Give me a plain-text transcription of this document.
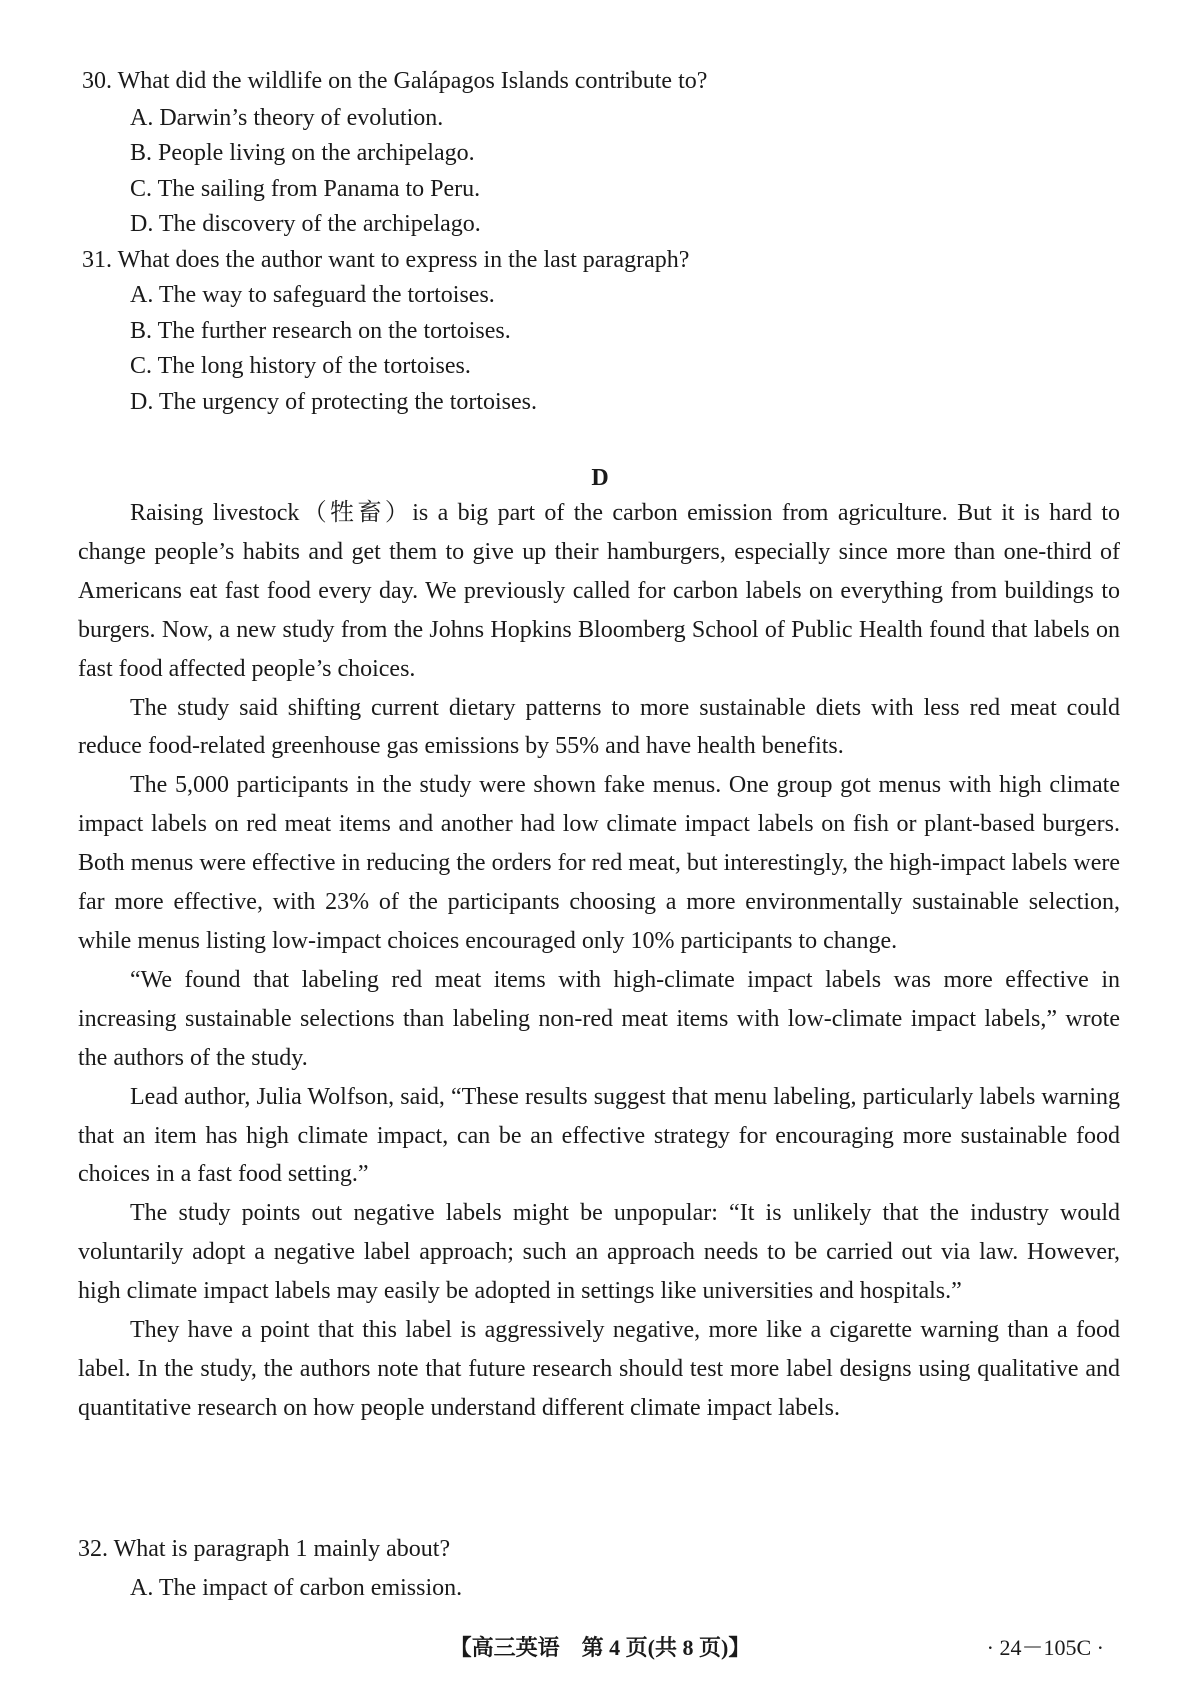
30. What did the wildlife on the Galápagos Islands contribute to?
A. Darwin’s theory of evolution.
B. People living on the archipelago.
C. The sailing from Panama to Peru.
D. The discovery of the archipelago.
31. What does the author want to express in the last paragraph?
A. The way to safeguard the tortoises.
B. The further research on the tortoises.
C. The long history of the tortoises.
D. The urgency of protecting the tortoises.
D

Raising livestock（牲畜）is a big part of the carbon emission from agriculture. But it is hard to change people’s habits and get them to give up their hamburgers, especially since more than one-third of Americans eat fast food every day. We previously called for carbon labels on everything from buildings to burgers. Now, a new study from the Johns Hopkins Bloomberg School of Public Health found that labels on fast food affected people’s choices.

The study said shifting current dietary patterns to more sustainable diets with less red meat could reduce food-related greenhouse gas emissions by 55% and have health benefits.

The 5,000 participants in the study were shown fake menus. One group got menus with high climate impact labels on red meat items and another had low climate impact labels on fish or plant-based burgers. Both menus were effective in reducing the orders for red meat, but interestingly, the high-impact labels were far more effective, with 23% of the participants choosing a more environmentally sustainable selection, while menus listing low-impact choices encouraged only 10% participants to change.

“We found that labeling red meat items with high-climate impact labels was more effective in increasing sustainable selections than labeling non-red meat items with low-climate impact labels,” wrote the authors of the study.

Lead author, Julia Wolfson, said, “These results suggest that menu labeling, particularly labels warning that an item has high climate impact, can be an effective strategy for encouraging more sustainable food choices in a fast food setting.”

The study points out negative labels might be unpopular: “It is unlikely that the industry would voluntarily adopt a negative label approach; such an approach needs to be carried out via law. However, high climate impact labels may easily be adopted in settings like universities and hospitals.”

They have a point that this label is aggressively negative, more like a cigarette warning than a food label. In the study, the authors note that future research should test more label designs using qualitative and quantitative research on how people understand different climate impact labels.

32. What is paragraph 1 mainly about?
A. The impact of carbon emission.
【高三英语　第 4 页(共 8 页)】	· 24－105C ·
